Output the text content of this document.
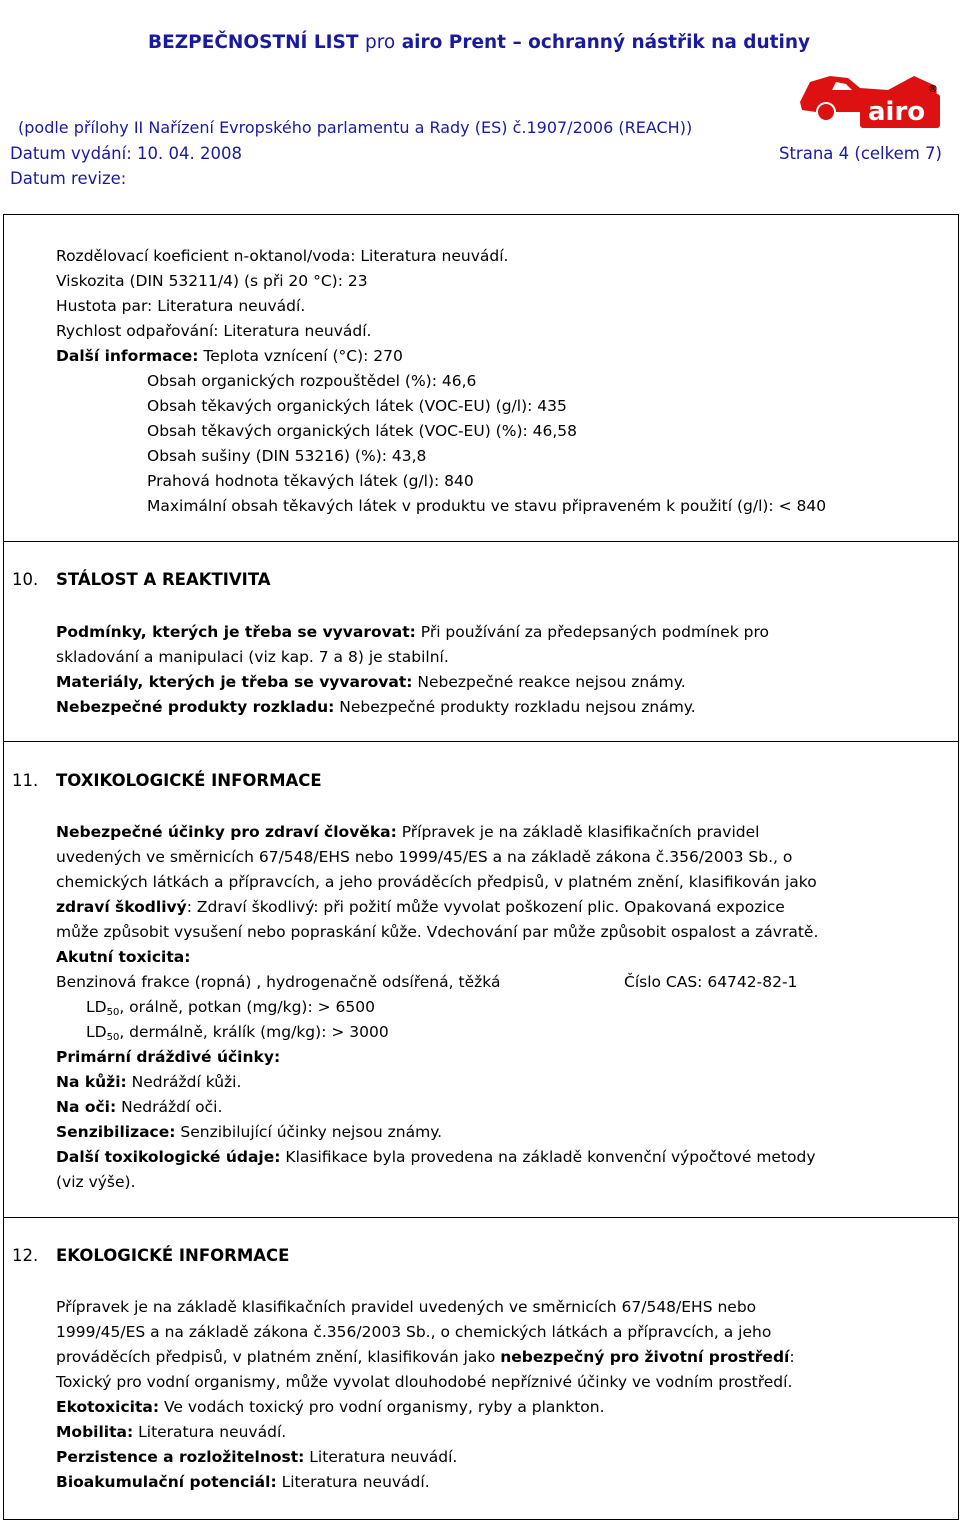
BEZPEČNOSTNÍ LIST pro airo Prent – ochranný nástřik na dutiny
airo
®
(podle přílohy II Nařízení Evropského parlamentu a Rady (ES) č.1907/2006 (REACH))
Datum vydání: 10. 04. 2008	Strana 4 (celkem 7)
Datum revize:
Rozdělovací koeficient n-oktanol/voda: Literatura neuvádí.
Viskozita (DIN 53211/4) (s při 20 °C): 23
Hustota par: Literatura neuvádí.
Rychlost odpařování: Literatura neuvádí.
Další informace: Teplota vznícení (°C): 270
Obsah organických rozpouštědel (%): 46,6
Obsah těkavých organických látek (VOC-EU) (g/l): 435
Obsah těkavých organických látek (VOC-EU) (%): 46,58
Obsah sušiny (DIN 53216) (%): 43,8
Prahová hodnota těkavých látek (g/l): 840
Maximální obsah těkavých látek v produktu ve stavu připraveném k použití (g/l): < 840
10. STÁLOST A REAKTIVITA
Podmínky, kterých je třeba se vyvarovat: Při používání za předepsaných podmínek pro
skladování a manipulaci (viz kap. 7 a 8) je stabilní.
Materiály, kterých je třeba se vyvarovat: Nebezpečné reakce nejsou známy.
Nebezpečné produkty rozkladu: Nebezpečné produkty rozkladu nejsou známy.
11. TOXIKOLOGICKÉ INFORMACE
Nebezpečné účinky pro zdraví člověka: Přípravek je na základě klasifikačních pravidel
uvedených ve směrnicích 67/548/EHS nebo 1999/45/ES a na základě zákona č.356/2003 Sb., o
chemických látkách a přípravcích, a jeho prováděcích předpisů, v platném znění, klasifikován jako
zdraví škodlivý: Zdraví škodlivý: při požití může vyvolat poškození plic. Opakovaná expozice
může způsobit vysušení nebo popraskání kůže. Vdechování par může způsobit ospalost a závratě.
Akutní toxicita:
Benzinová frakce (ropná) , hydrogenačně odsířená, těžká	Číslo CAS: 64742-82-1
$LD_{50}$, orálně, potkan (mg/kg): > 6500
$LD_{50}$, dermálně, králík (mg/kg): > 3000
Primární dráždivé účinky:
Na kůži: Nedráždí kůži.
Na oči: Nedráždí oči.
Senzibilizace: Senzibilující účinky nejsou známy.
Další toxikologické údaje: Klasifikace byla provedena na základě konvenční výpočtové metody
(viz výše).
12. EKOLOGICKÉ INFORMACE
Přípravek je na základě klasifikačních pravidel uvedených ve směrnicích 67/548/EHS nebo
1999/45/ES a na základě zákona č.356/2003 Sb., o chemických látkách a přípravcích, a jeho
prováděcích předpisů, v platném znění, klasifikován jako nebezpečný pro životní prostředí:
Toxický pro vodní organismy, může vyvolat dlouhodobé nepříznivé účinky ve vodním prostředí.
Ekotoxicita: Ve vodách toxický pro vodní organismy, ryby a plankton.
Mobilita: Literatura neuvádí.
Perzistence a rozložitelnost: Literatura neuvádí.
Bioakumulační potenciál: Literatura neuvádí.
